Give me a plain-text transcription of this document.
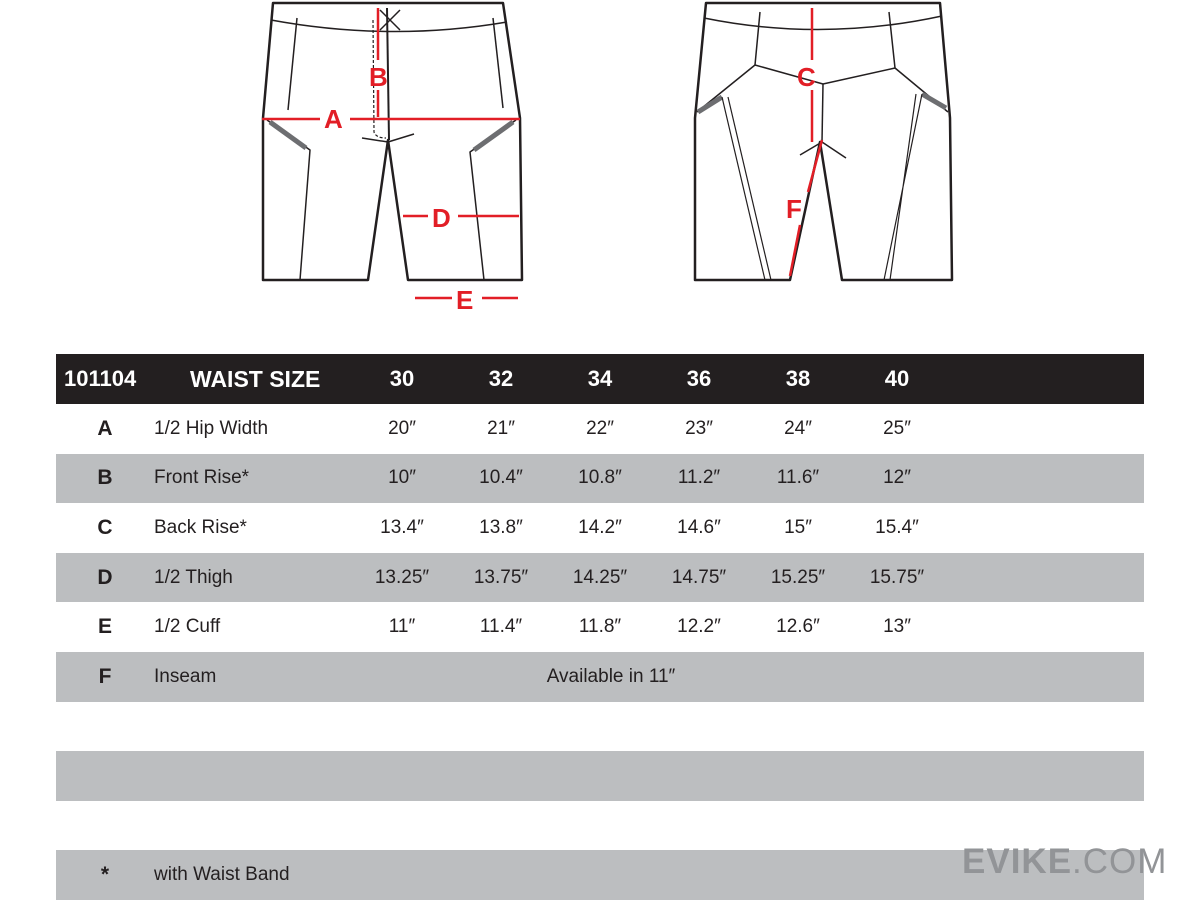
B
A
D
E
C
F
101104 WAIST SIZE	30	32	34	36	38	40
A	1/2 Hip Width	20″	21″	22″	23″	24″	25″
B	Front Rise*	10″	10.4″	10.8″	11.2″	11.6″	12″
C	Back Rise*	13.4″	13.8″	14.2″	14.6″	15″	15.4″
D	1/2 Thigh	13.25″	13.75″	14.25″	14.75″	15.25″	15.75″
E	1/2 Cuff	11″	11.4″	11.8″	12.2″	12.6″	13″
F	Inseam	Available in 11″
*	with Waist Band	EVIKE.COM
